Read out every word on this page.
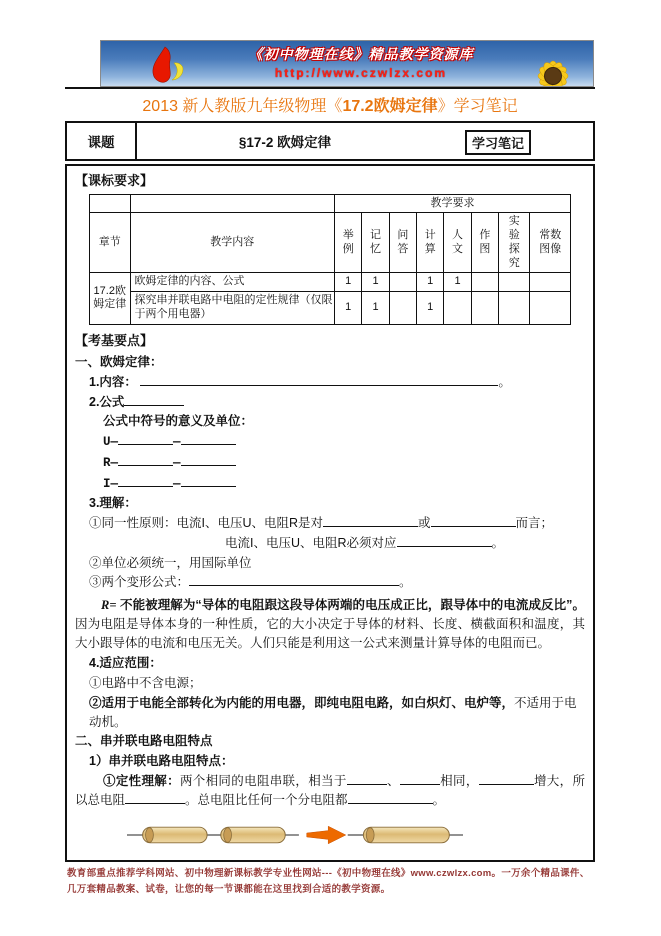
《初中物理在线》精品教学资源库
http://www.czwlzx.com
2013 新人教版九年级物理《17.2欧姆定律》学习笔记
课题	§17-2 欧姆定律	学习笔记
【课标要求】
		教学要求							
章节	教学内容	举例	记忆	问答	计算	人文	作图	实验探究	常数图像
17.2欧姆定律	欧姆定律的内容、公式	1	1		1	1			
	探究串并联电路中电阻的定性规律（仅限于两个用电器）	1	1		1				
【考基要点】
一、欧姆定律：
1.内容：	。
2.公式
公式中符号的意义及单位：
U—	—
R—	—
I—	—
3.理解：
①同一性原则：电流I、电压U、电阻R是对	或	而言；
电流I、电压U、电阻R必须对应	。
②单位必须统一，用国际单位
③两个变形公式：	。
R= 不能被理解为“导体的电阻跟这段导体两端的电压成正比，跟导体中的电流成反比”。因为电阻是导体本身的一种性质，它的大小决定于导体的材料、长度、横截面积和温度，其大小跟导体的电流和电压无关。人们只能是利用这一公式来测量计算导体的电阻而已。
4.适应范围：
①电路中不含电源；
②适用于电能全部转化为内能的用电器，即纯电阻电路，如白炽灯、电炉等，不适用于电动机。
二、串并联电路电阻特点
1）串并联电路电阻特点：
①定性理解：两个相同的电阻串联，相当于	、	相同，	增大，所以总电阻	。总电阻比任何一个分电阻都	。
教育部重点推荐学科网站、初中物理新课标教学专业性网站---《初中物理在线》www.czwlzx.com。一万余个精品课件、几万套精品教案、试卷，让您的每一节课都能在这里找到合适的教学资源。
